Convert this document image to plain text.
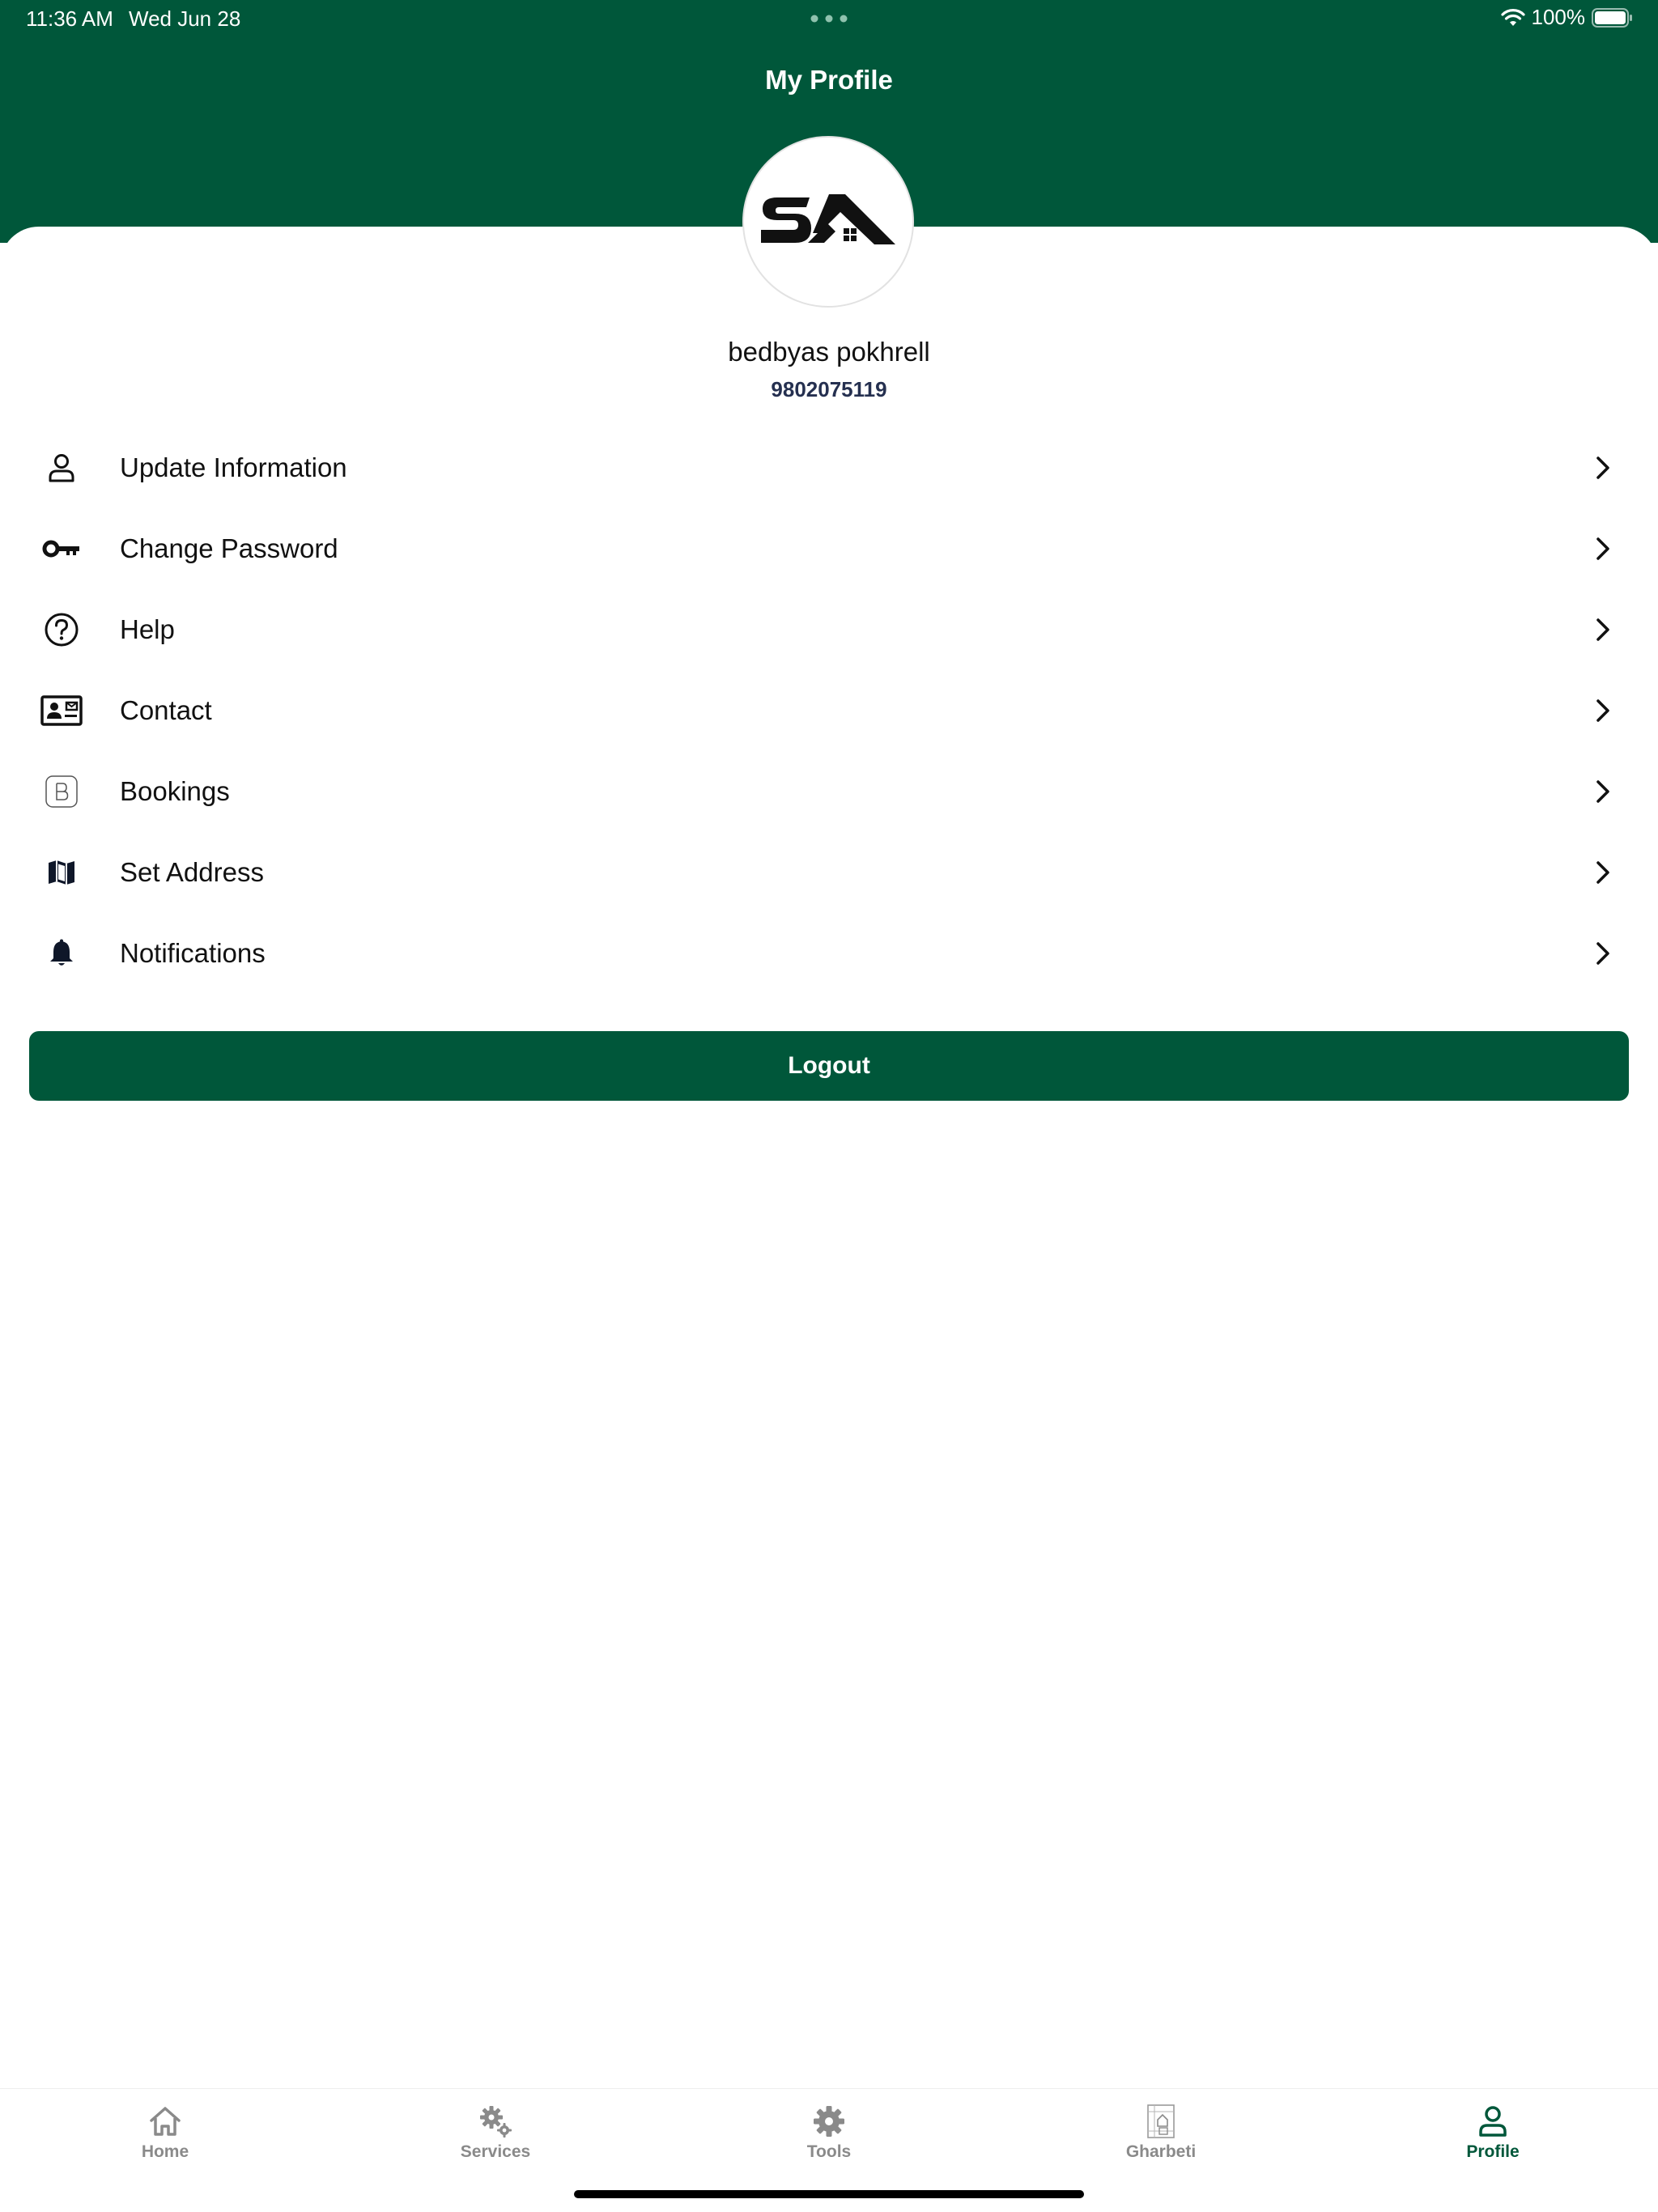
11:36 AM Wed Jun 28	100%
My Profile
bedbyas pokhrell
9802075119
Update Information
Change Password
Help
Contact
Bookings
Set Address
Notifications
Logout
Home	Services	Tools	Gharbeti	Profile
